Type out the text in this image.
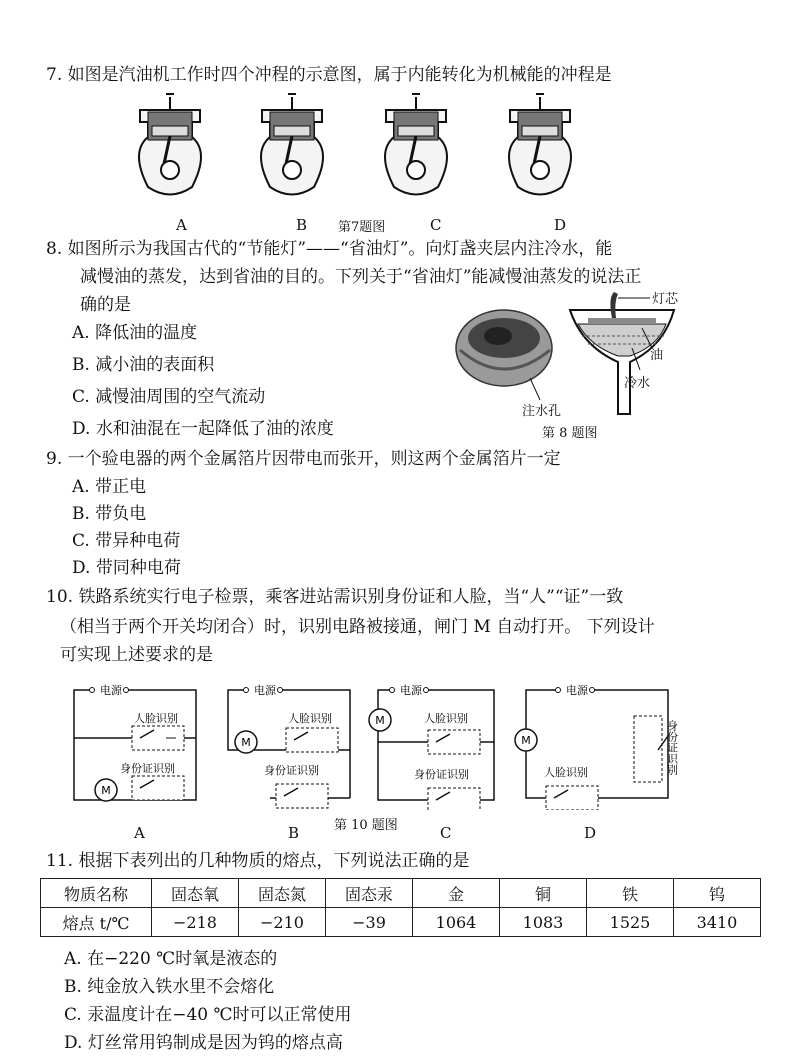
7. 如图是汽油机工作时四个冲程的示意图，属于内能转化为机械能的冲程是
A	B 第7题图	C	D
8. 如图所示为我国古代的“节能灯”——“省油灯”。向灯盏夹层内注冷水，能
减慢油的蒸发，达到省油的目的。下列关于“省油灯”能减慢油蒸发的说法正
确的是
A. 降低油的温度
B. 减小油的表面积
C. 减慢油周围的空气流动
D. 水和油混在一起降低了油的浓度
灯芯
油
冷水
注水孔
第 8 题图
9. 一个验电器的两个金属箔片因带电而张开，则这两个金属箔片一定
A. 带正电
B. 带负电
C. 带异种电荷
D. 带同种电荷
10. 铁路系统实行电子检票，乘客进站需识别身份证和人脸，当“人”“证”一致
（相当于两个开关均闭合）时，识别电路被接通，闸门 M 自动打开。 下列设计
可实现上述要求的是
M
电源
人脸识别
身份证识别
M
电源
人脸识别
身份证识别
M
电源
人脸识别
身份证识别
M
电源
人脸识别	身份证识别
A	B	第 10 题图	C	D
11. 根据下表列出的几种物质的熔点，下列说法正确的是
物质名称	固态氧	固态氮	固态汞	金	铜	铁	钨
熔点 t/℃	−218	−210	−39	1064	1083	1525	3410
A. 在−220 ℃时氧是液态的
B. 纯金放入铁水里不会熔化
C. 汞温度计在−40 ℃时可以正常使用
D. 灯丝常用钨制成是因为钨的熔点高
